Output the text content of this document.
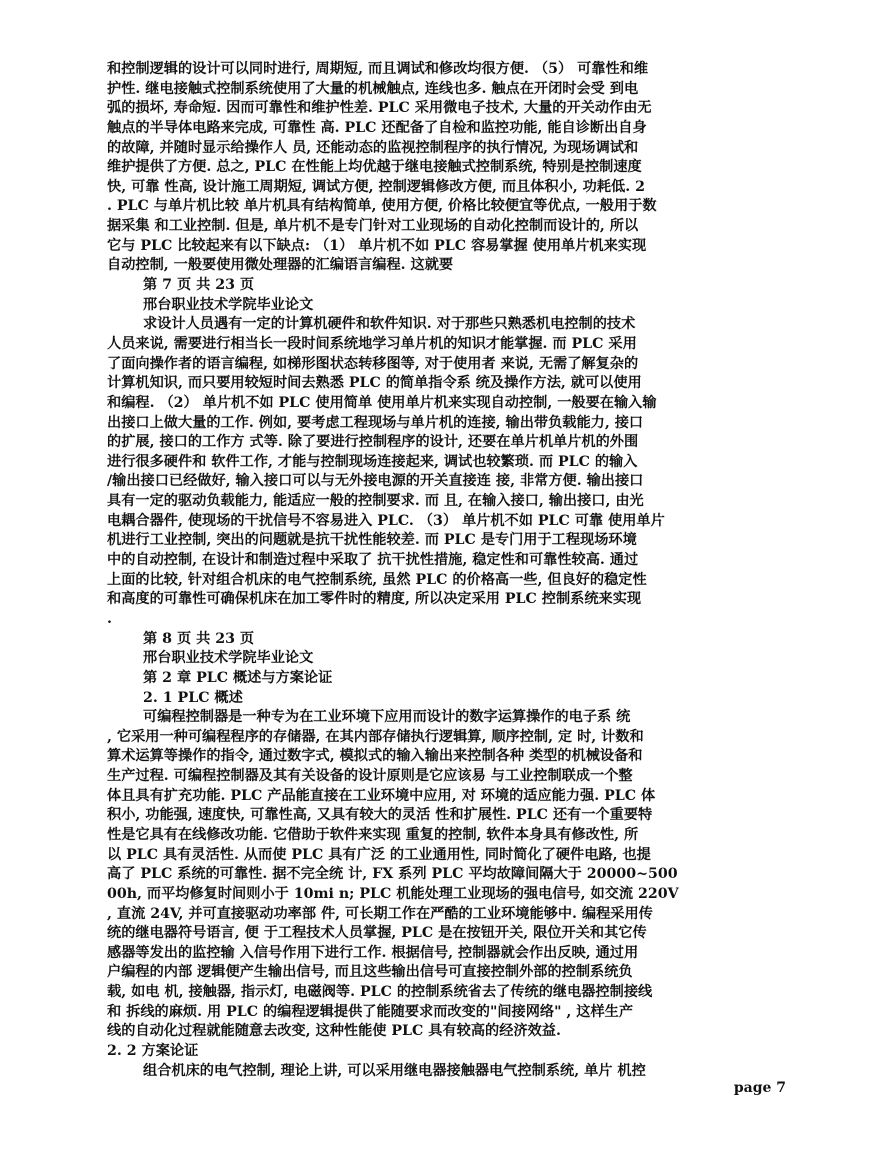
和控制逻辑的设计可以同时进行, 周期短, 而且调试和修改均很方便. （5） 可靠性和维
护性. 继电接触式控制系统使用了大量的机械触点, 连线也多. 触点在开闭时会受 到电
弧的损坏, 寿命短. 因而可靠性和维护性差. PLC 采用微电子技术, 大量的开关动作由无
触点的半导体电路来完成, 可靠性 高. PLC 还配备了自检和监控功能, 能自诊断出自身
的故障, 并随时显示给操作人 员, 还能动态的监视控制程序的执行情况, 为现场调试和
维护提供了方便. 总之, PLC 在性能上均优越于继电接触式控制系统, 特别是控制速度
快, 可靠 性高, 设计施工周期短, 调试方便, 控制逻辑修改方便, 而且体积小, 功耗低. 2
. PLC 与单片机比较 单片机具有结构简单, 使用方便, 价格比较便宜等优点, 一般用于数
据采集 和工业控制. 但是, 单片机不是专门针对工业现场的自动化控制而设计的, 所以
它与 PLC 比较起来有以下缺点: （1） 单片机不如 PLC 容易掌握 使用单片机来实现
自动控制, 一般要使用微处理器的汇编语言编程. 这就要
第 7 页 共 23 页
邢台职业技术学院毕业论文
求设计人员遇有一定的计算机硬件和软件知识. 对于那些只熟悉机电控制的技术
人员来说, 需要进行相当长一段时间系统地学习单片机的知识才能掌握. 而 PLC 采用
了面向操作者的语言编程, 如梯形图状态转移图等, 对于使用者 来说, 无需了解复杂的
计算机知识, 而只要用较短时间去熟悉 PLC 的简单指令系 统及操作方法, 就可以使用
和编程. （2） 单片机不如 PLC 使用简单 使用单片机来实现自动控制, 一般要在输入输
出接口上做大量的工作. 例如, 要考虑工程现场与单片机的连接, 输出带负载能力, 接口
的扩展, 接口的工作方 式等. 除了要进行控制程序的设计, 还要在单片机单片机的外围
进行很多硬件和 软件工作, 才能与控制现场连接起来, 调试也较繁琐. 而 PLC 的输入
/输出接口已经做好, 输入接口可以与无外接电源的开关直接连 接, 非常方便. 输出接口
具有一定的驱动负载能力, 能适应一般的控制要求. 而 且, 在输入接口, 输出接口, 由光
电耦合器件, 使现场的干扰信号不容易进入 PLC. （3） 单片机不如 PLC 可靠 使用单片
机进行工业控制, 突出的问题就是抗干扰性能较差. 而 PLC 是专门用于工程现场环境
中的自动控制, 在设计和制造过程中采取了 抗干扰性措施, 稳定性和可靠性较高. 通过
上面的比较, 针对组合机床的电气控制系统, 虽然 PLC 的价格高一些, 但良好的稳定性
和高度的可靠性可确保机床在加工零件时的精度, 所以决定采用 PLC 控制系统来实现
.
第 8 页 共 23 页
邢台职业技术学院毕业论文
第 2 章 PLC 概述与方案论证
2. 1 PLC 概述
可编程控制器是一种专为在工业环境下应用而设计的数字运算操作的电子系 统
, 它采用一种可编程程序的存储器, 在其内部存储执行逻辑算, 顺序控制, 定 时, 计数和
算术运算等操作的指令, 通过数字式, 模拟式的输入输出来控制各种 类型的机械设备和
生产过程. 可编程控制器及其有关设备的设计原则是它应该易 与工业控制联成一个整
体且具有扩充功能. PLC 产品能直接在工业环境中应用, 对 环境的适应能力强. PLC 体
积小, 功能强, 速度快, 可靠性高, 又具有较大的灵活 性和扩展性. PLC 还有一个重要特
性是它具有在线修改功能. 它借助于软件来实现 重复的控制, 软件本身具有修改性, 所
以 PLC 具有灵活性. 从而使 PLC 具有广泛 的工业通用性, 同时简化了硬件电路, 也提
高了 PLC 系统的可靠性. 据不完全统 计, FX 系列 PLC 平均故障间隔大于 20000~500
00h, 而平均修复时间则小于 10mi n; PLC 机能处理工业现场的强电信号, 如交流 220V
, 直流 24V, 并可直接驱动功率部 件, 可长期工作在严酷的工业环境能够中. 编程采用传
统的继电器符号语言, 便 于工程技术人员掌握, PLC 是在按钮开关, 限位开关和其它传
感器等发出的监控输 入信号作用下进行工作. 根据信号, 控制器就会作出反映, 通过用
户编程的内部 逻辑便产生输出信号, 而且这些输出信号可直接控制外部的控制系统负
载, 如电 机, 接触器, 指示灯, 电磁阀等. PLC 的控制系统省去了传统的继电器控制接线
和 拆线的麻烦. 用 PLC 的编程逻辑提供了能随要求而改变的"间接网络" , 这样生产
线的自动化过程就能随意去改变, 这种性能使 PLC 具有较高的经济效益.
2. 2 方案论证
组合机床的电气控制, 理论上讲, 可以采用继电器接触器电气控制系统, 单片 机控
page 7
